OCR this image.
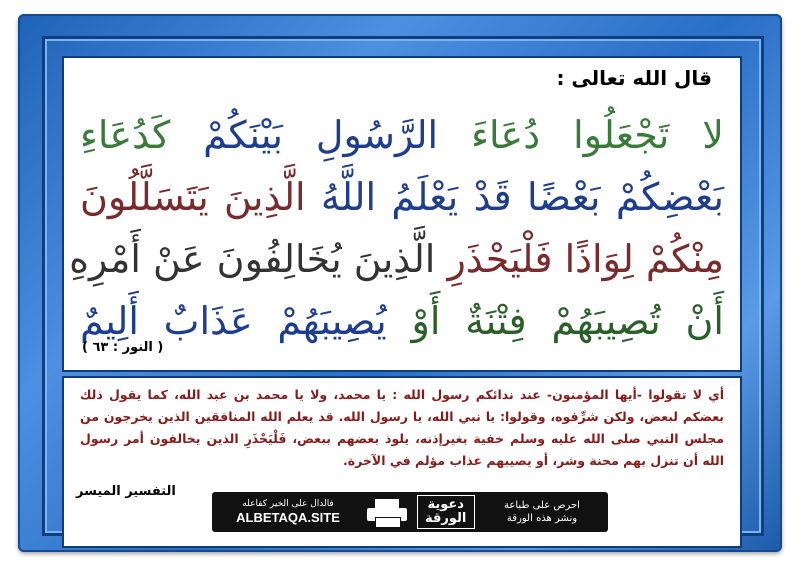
قال الله تعالى :
لا تَجْعَلُوا دُعَاءَ الرَّسُولِ بَيْنَكُمْ كَدُعَاءِ
بَعْضِكُمْ بَعْضًا قَدْ يَعْلَمُ اللَّهُ الَّذِينَ يَتَسَلَّلُونَ
مِنْكُمْ لِوَاذًا فَلْيَحْذَرِ الَّذِينَ يُخَالِفُونَ عَنْ أَمْرِهِ
أَنْ تُصِيبَهُمْ فِتْنَةٌ أَوْ يُصِيبَهُمْ عَذَابٌ أَلِيمٌ
( النور : ٦٣ )
أي لا تقولوا -أيها المؤمنون- عند ندائكم رسول الله : يا محمد، ولا يا محمد بن عبد الله، كما يقول ذلك بعضكم لبعض، ولكن شرِّفوه، وقولوا: يا نبي الله، يا رسول الله. قد يعلم الله المنافقين الذين يخرجون من مجلس النبي صلى الله عليه وسلم خفية بغيرإذنه، يلوذ بعضهم ببعض، فَلْيَحْذَرِ الذين يخالفون أمر رسول الله أن تنزل بهم محنة وشر، أو يصيبهم عذاب مؤلم في الآخرة.
التفسير الميسر
احرص على طباعة
ونشر هذه الورقة
دعوية
الورقة
فالدال على الخير كفاعله
ALBETAQA.SITE
